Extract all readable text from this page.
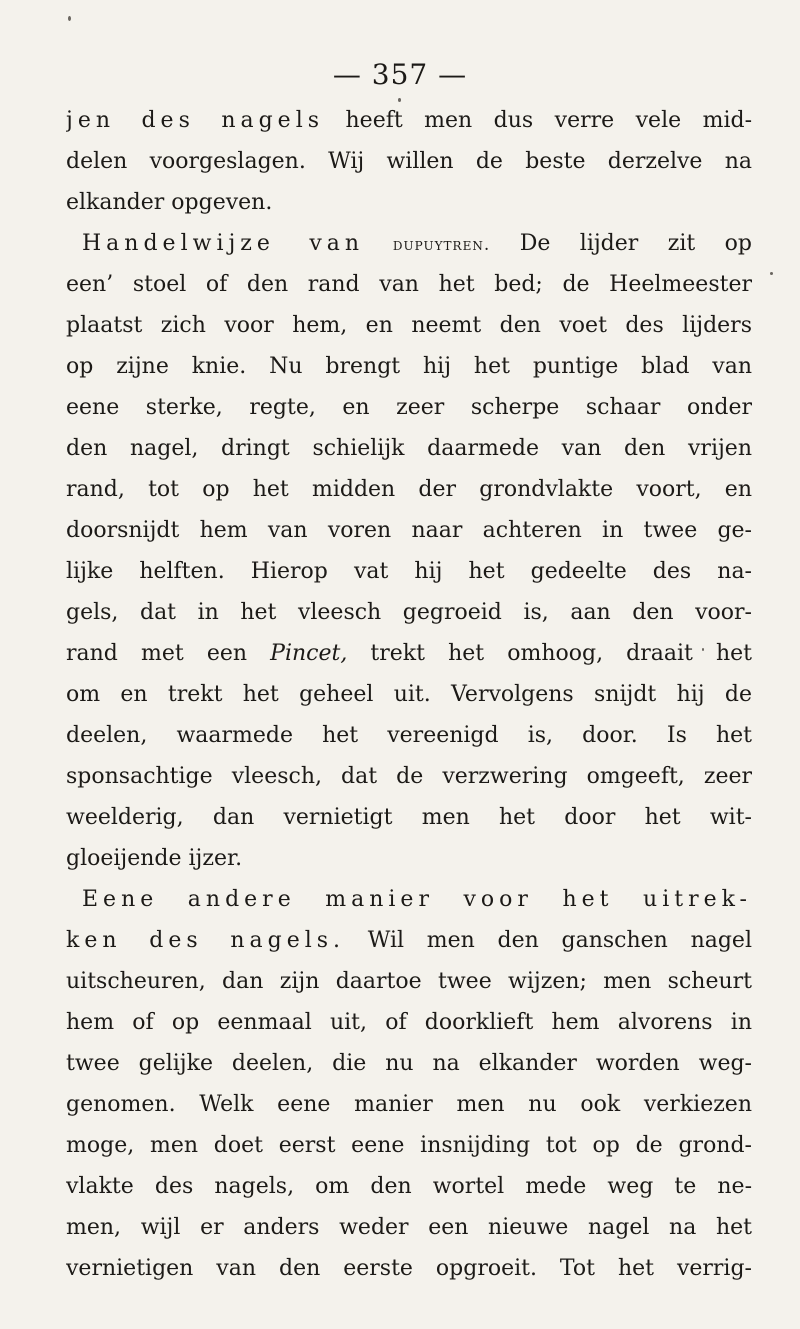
— 357 —
jen des nagels heeft men dus verre vele mid-
delen voorgeslagen. Wij willen de beste derzelve na
elkander opgeven.
Handelwijze van dupuytren. De lijder zit op
een’ stoel of den rand van het bed; de Heelmeester
plaatst zich voor hem, en neemt den voet des lijders
op zijne knie. Nu brengt hij het puntige blad van
eene sterke, regte, en zeer scherpe schaar onder
den nagel, dringt schielijk daarmede van den vrijen
rand, tot op het midden der grondvlakte voort, en
doorsnijdt hem van voren naar achteren in twee ge-
lijke helften. Hierop vat hij het gedeelte des na-
gels, dat in het vleesch gegroeid is, aan den voor-
rand met een Pincet, trekt het omhoog, draait het
om en trekt het geheel uit. Vervolgens snijdt hij de
deelen, waarmede het vereenigd is, door. Is het
sponsachtige vleesch, dat de verzwering omgeeft, zeer
weelderig, dan vernietigt men het door het wit-
gloeijende ijzer.
Eene andere manier voor het uitrek-
ken des nagels. Wil men den ganschen nagel
uitscheuren, dan zijn daartoe twee wijzen; men scheurt
hem of op eenmaal uit, of doorklieft hem alvorens in
twee gelijke deelen, die nu na elkander worden weg-
genomen. Welk eene manier men nu ook verkiezen
moge, men doet eerst eene insnijding tot op de grond-
vlakte des nagels, om den wortel mede weg te ne-
men, wijl er anders weder een nieuwe nagel na het
vernietigen van den eerste opgroeit. Tot het verrig-
